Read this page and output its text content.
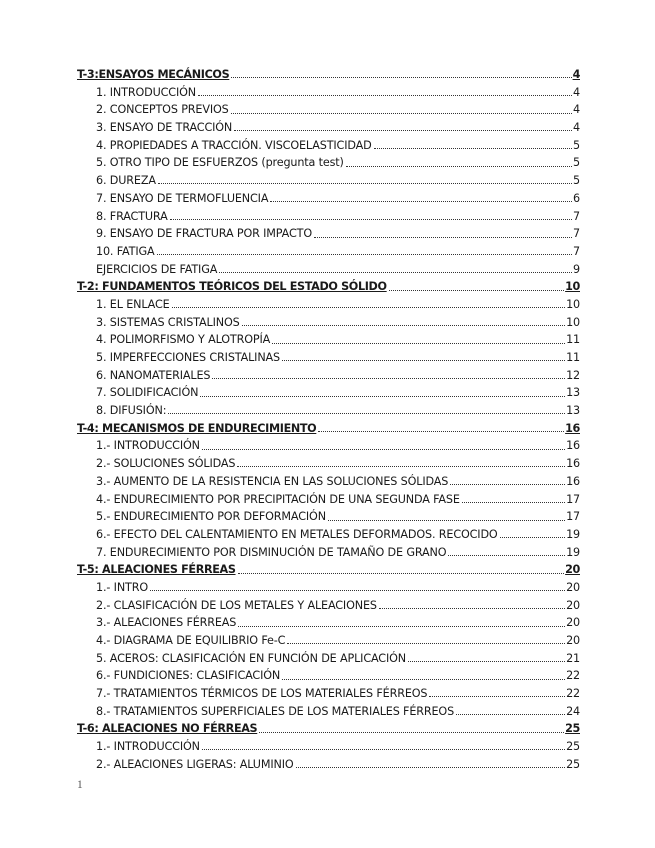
T-3:ENSAYOS MECÁNICOS	4
1. INTRODUCCIÓN	4
2. CONCEPTOS PREVIOS	4
3. ENSAYO DE TRACCIÓN	4
4. PROPIEDADES A TRACCIÓN. VISCOELASTICIDAD	5
5. OTRO TIPO DE ESFUERZOS (pregunta test)	5
6. DUREZA	5
7. ENSAYO DE TERMOFLUENCIA	6
8. FRACTURA	7
9. ENSAYO DE FRACTURA POR IMPACTO	7
10. FATIGA	7
EJERCICIOS DE FATIGA	9
T-2: FUNDAMENTOS TEÓRICOS DEL ESTADO SÓLIDO	10
1. EL ENLACE	10
3. SISTEMAS CRISTALINOS	10
4. POLIMORFISMO Y ALOTROPÍA	11
5. IMPERFECCIONES CRISTALINAS	11
6. NANOMATERIALES	12
7. SOLIDIFICACIÓN	13
8. DIFUSIÓN:	13
T-4: MECANISMOS DE ENDURECIMIENTO	16
1.- INTRODUCCIÓN	16
2.- SOLUCIONES SÓLIDAS	16
3.- AUMENTO DE LA RESISTENCIA EN LAS SOLUCIONES SÓLIDAS	16
4.- ENDURECIMIENTO POR PRECIPITACIÓN DE UNA SEGUNDA FASE	17
5.- ENDURECIMIENTO POR DEFORMACIÓN	17
6.- EFECTO DEL CALENTAMIENTO EN METALES DEFORMADOS. RECOCIDO	19
7. ENDURECIMIENTO POR DISMINUCIÓN DE TAMAÑO DE GRANO	19
T-5: ALEACIONES FÉRREAS	20
1.- INTRO	20
2.- CLASIFICACIÓN DE LOS METALES Y ALEACIONES	20
3.- ALEACIONES FÉRREAS	20
4.- DIAGRAMA DE EQUILIBRIO Fe-C	20
5. ACEROS: CLASIFICACIÓN EN FUNCIÓN DE APLICACIÓN	21
6.- FUNDICIONES: CLASIFICACIÓN	22
7.- TRATAMIENTOS TÉRMICOS DE LOS MATERIALES FÉRREOS	22
8.- TRATAMIENTOS SUPERFICIALES DE LOS MATERIALES FÉRREOS	24
T-6: ALEACIONES NO FÉRREAS	25
1.- INTRODUCCIÓN	25
2.- ALEACIONES LIGERAS: ALUMINIO	25
1
